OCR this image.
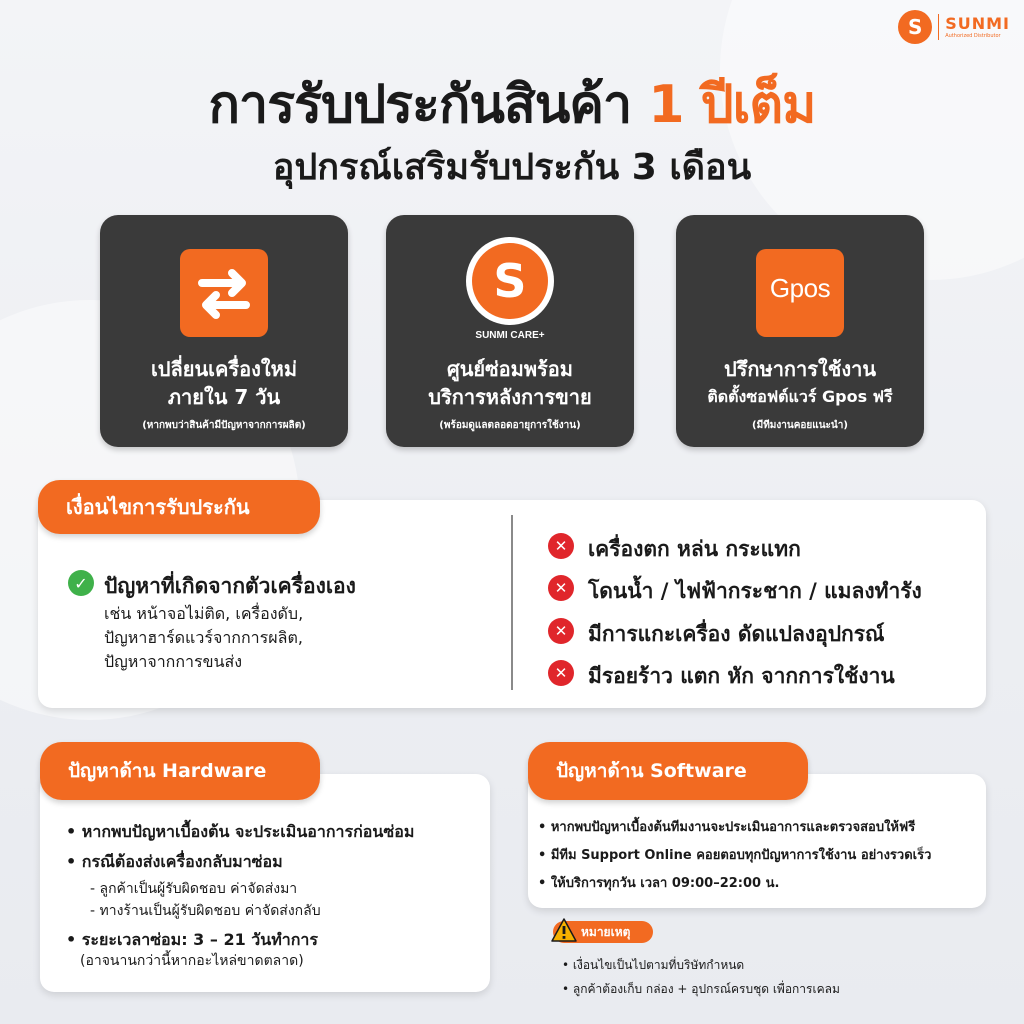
S	SUNMI
Authorized Distributor
การรับประกันสินค้า 1 ปีเต็ม
อุปกรณ์เสริมรับประกัน 3 เดือน
เปลี่ยนเครื่องใหม่
ภายใน 7 วัน
(หากพบว่าสินค้ามีปัญหาจากการผลิต)
S
SUNMI CARE+
ศูนย์ซ่อมพร้อม
บริการหลังการขาย
(พร้อมดูแลตลอดอายุการใช้งาน)
Gpos
ปรึกษาการใช้งาน
ติดตั้งซอฟต์แวร์ Gpos ฟรี
(มีทีมงานคอยแนะนำ)
เงื่อนไขการรับประกัน
✓ ปัญหาที่เกิดจากตัวเครื่องเอง
เช่น หน้าจอไม่ติด, เครื่องดับ,
ปัญหาฮาร์ดแวร์จากการผลิต,
ปัญหาจากการขนส่ง
✕ เครื่องตก หล่น กระแทก
✕ โดนน้ำ / ไฟฟ้ากระชาก / แมลงทำรัง
✕ มีการแกะเครื่อง ดัดแปลงอุปกรณ์
✕ มีรอยร้าว แตก หัก จากการใช้งาน
ปัญหาด้าน Hardware
• หากพบปัญหาเบื้องต้น จะประเมินอาการก่อนซ่อม
• กรณีต้องส่งเครื่องกลับมาซ่อม
- ลูกค้าเป็นผู้รับผิดชอบ ค่าจัดส่งมา
- ทางร้านเป็นผู้รับผิดชอบ ค่าจัดส่งกลับ
• ระยะเวลาซ่อม: 3 – 21 วันทำการ
(อาจนานกว่านี้หากอะไหล่ขาดตลาด)
ปัญหาด้าน Software
• หากพบปัญหาเบื้องต้นทีมงานจะประเมินอาการและตรวจสอบให้ฟรี
• มีทีม Support Online คอยตอบทุกปัญหาการใช้งาน อย่างรวดเร็ว
• ให้บริการทุกวัน เวลา 09:00–22:00 น.
หมายเหตุ
• เงื่อนไขเป็นไปตามที่บริษัทกำหนด
• ลูกค้าต้องเก็บ กล่อง + อุปกรณ์ครบชุด เพื่อการเคลม
